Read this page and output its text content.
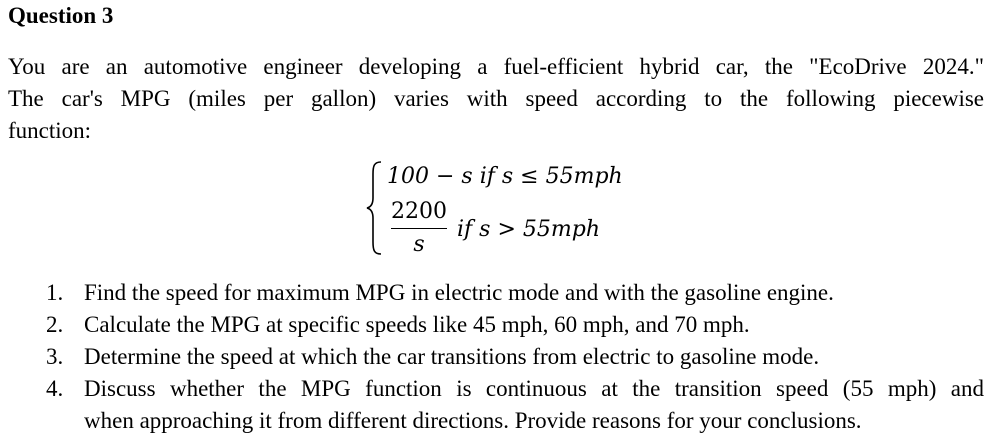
Question 3
You are an automotive engineer developing a fuel-efficient hybrid car, the "EcoDrive 2024."
The car's MPG (miles per gallon) varies with speed according to the following piecewise
function:
100 − s if s ≤ 55mph
2200
s
if s > 55mph
1. Find the speed for maximum MPG in electric mode and with the gasoline engine.
2. Calculate the MPG at specific speeds like 45 mph, 60 mph, and 70 mph.
3. Determine the speed at which the car transitions from electric to gasoline mode.
4. Discuss whether the MPG function is continuous at the transition speed (55 mph) and
when approaching it from different directions. Provide reasons for your conclusions.
